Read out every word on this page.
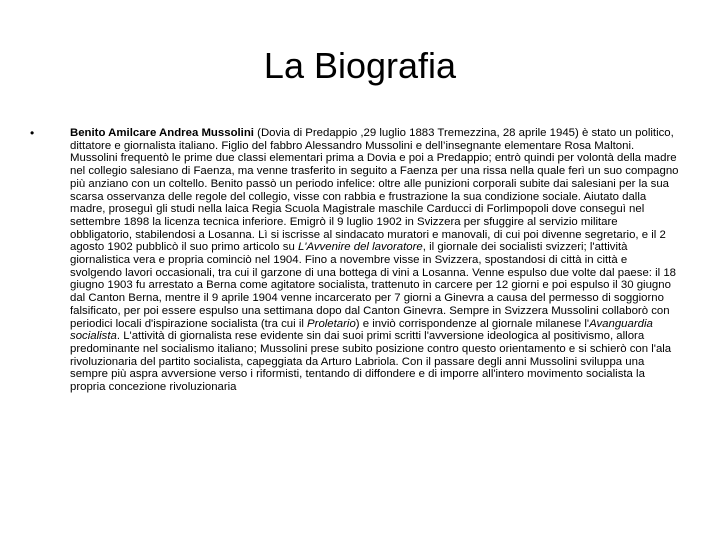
La Biografia
•	Benito Amilcare Andrea Mussolini (Dovia di Predappio ,29 luglio 1883 Tremezzina, 28 aprile 1945) è stato un politico, dittatore e giornalista italiano. Figlio del fabbro Alessandro Mussolini e dell’insegnante elementare Rosa Maltoni. Mussolini frequentò le prime due classi elementari prima a Dovia e poi a Predappio; entrò quindi per volontà della madre nel collegio salesiano di Faenza, ma venne trasferito in seguito a Faenza per una rissa nella quale ferì un suo compagno più anziano con un coltello. Benito passò un periodo infelice: oltre alle punizioni corporali subite dai salesiani per la sua scarsa osservanza delle regole del collegio, visse con rabbia e frustrazione la sua condizione sociale. Aiutato dalla madre, proseguì gli studi nella laica Regia Scuola Magistrale maschile Carducci di Forlimpopoli dove conseguì nel settembre 1898 la licenza tecnica inferiore. Emigrò il 9 luglio 1902 in Svizzera per sfuggire al servizio militare obbligatorio, stabilendosi a Losanna. Lì si iscrisse al sindacato muratori e manovali, di cui poi divenne segretario, e il 2 agosto 1902 pubblicò il suo primo articolo su L'Avvenire del lavoratore, il giornale dei socialisti svizzeri; l'attività giornalistica vera e propria cominciò nel 1904. Fino a novembre visse in Svizzera, spostandosi di città in città e svolgendo lavori occasionali, tra cui il garzone di una bottega di vini a Losanna. Venne espulso due volte dal paese: il 18 giugno 1903 fu arrestato a Berna come agitatore socialista, trattenuto in carcere per 12 giorni e poi espulso il 30 giugno dal Canton Berna, mentre il 9 aprile 1904 venne incarcerato per 7 giorni a Ginevra a causa del permesso di soggiorno falsificato, per poi essere espulso una settimana dopo dal Canton Ginevra. Sempre in Svizzera Mussolini collaborò con periodici locali d'ispirazione socialista (tra cui il Proletario) e inviò corrispondenze al giornale milanese l'Avanguardia socialista. L'attività di giornalista rese evidente sin dai suoi primi scritti l'avversione ideologica al positivismo, allora predominante nel socialismo italiano; Mussolini prese subito posizione contro questo orientamento e si schierò con l'ala rivoluzionaria del partito socialista, capeggiata da Arturo Labriola. Con il passare degli anni Mussolini sviluppa una sempre più aspra avversione verso i riformisti, tentando di diffondere e di imporre all'intero movimento socialista la propria concezione rivoluzionaria
